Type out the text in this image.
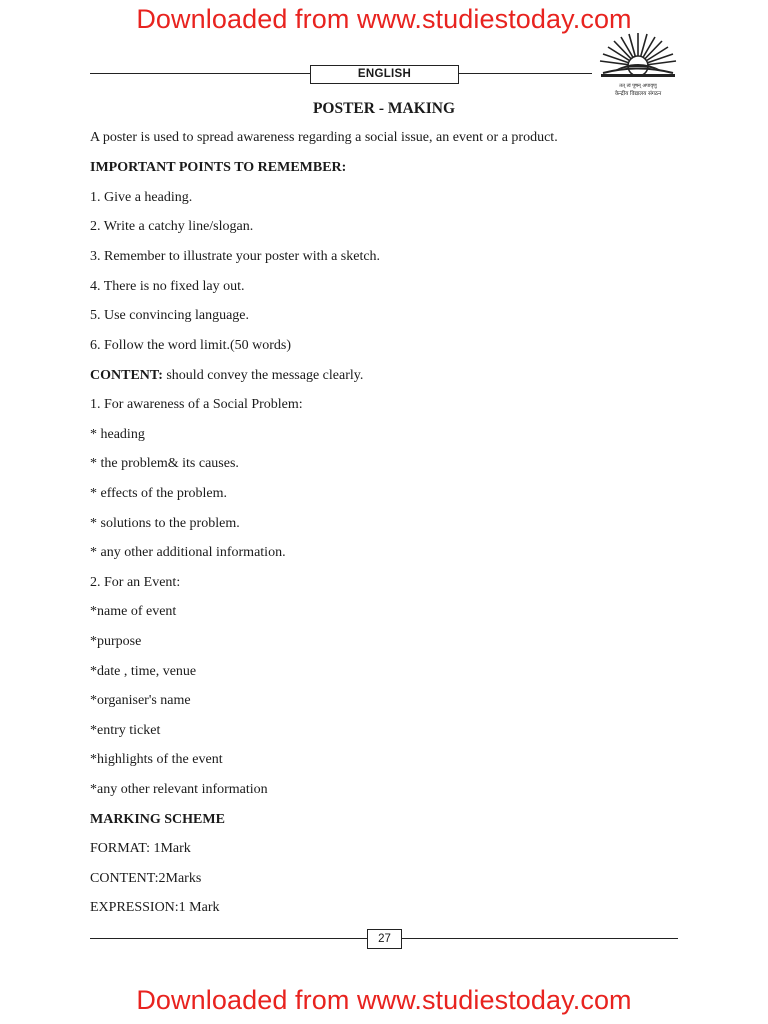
Downloaded from www.studiestoday.com
ENGLISH
तत् त्वं पूषन् अपावृणु
केन्द्रीय विद्यालय संगठन
POSTER - MAKING
A poster is used to spread awareness regarding a social issue, an event or a product.
IMPORTANT POINTS TO REMEMBER:
1. Give a heading.
2. Write a catchy line/slogan.
3. Remember to illustrate your poster with a sketch.
4. There is no fixed lay out.
5. Use convincing language.
6. Follow the word limit.(50 words)
CONTENT: should convey the message clearly.
1. For awareness of a Social Problem:
* heading
* the problem& its causes.
* effects of the problem.
* solutions to the problem.
* any other additional information.
2. For an Event:
*name of event
*purpose
*date , time, venue
*organiser's name
*entry ticket
*highlights of the event
*any other relevant information
MARKING SCHEME
FORMAT: 1Mark
CONTENT:2Marks
EXPRESSION:1 Mark
27
Downloaded from www.studiestoday.com
